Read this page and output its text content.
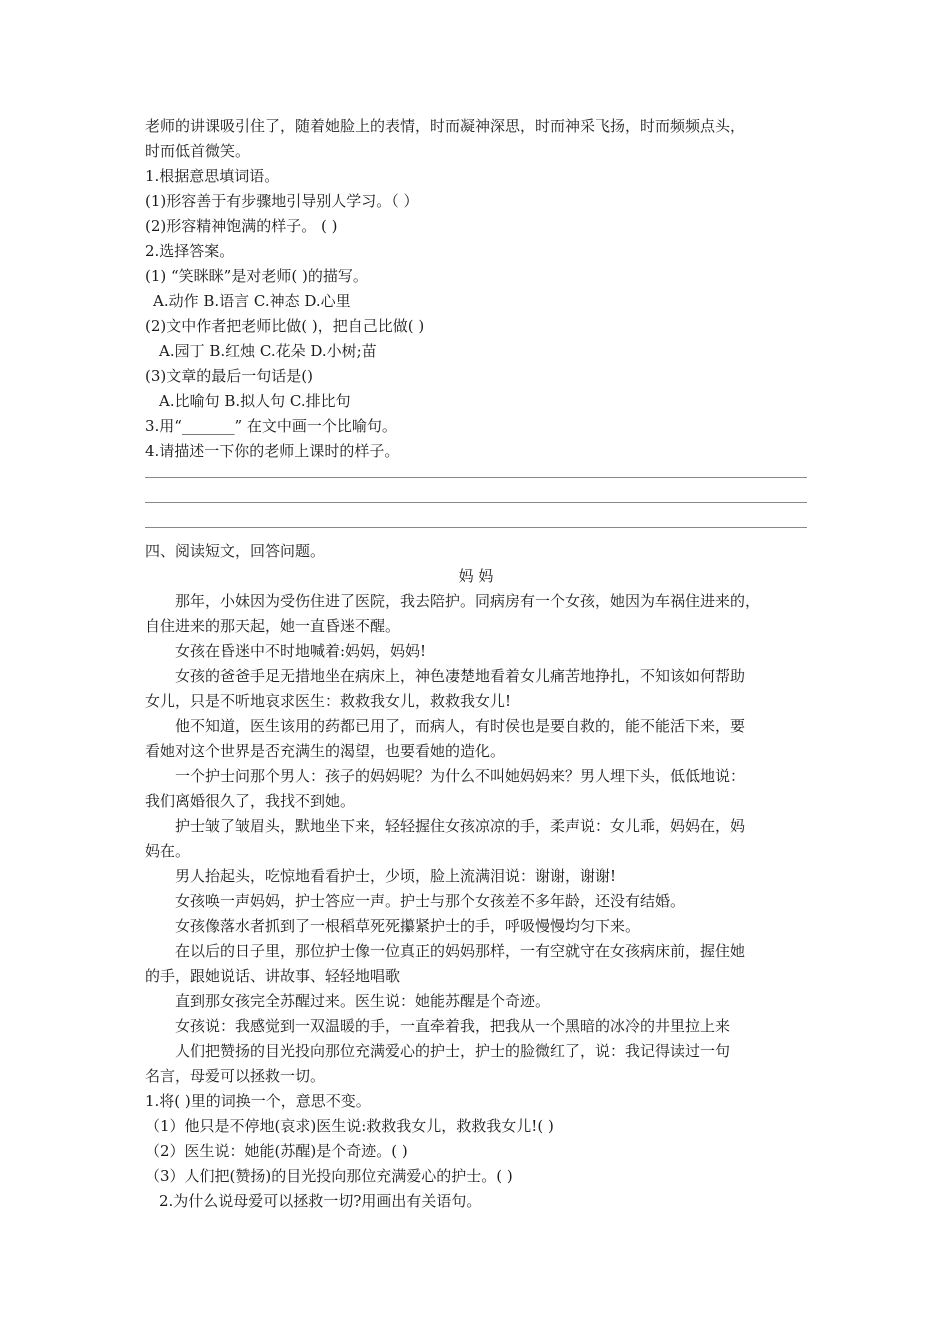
老师的讲课吸引住了，随着她脸上的表情，时而凝神深思，时而神采飞扬，时而频频点头，
时而低首微笑。
1.根据意思填词语。
(1)形容善于有步骤地引导别人学习。（ ）
(2)形容精神饱满的样子。 ( )
2.选择答案。
(1) “笑眯眯”是对老师( )的描写。
A.动作 B.语言 C.神态 D.心里
(2)文中作者把老师比做( )，把自己比做( )
A.园丁 B.红烛 C.花朵 D.小树;苗
(3)文章的最后一句话是()
A.比喻句 B.拟人句 C.排比句
3.用“_______” 在文中画一个比喻句。
4.请描述一下你的老师上课时的样子。
四、阅读短文，回答问题。
妈 妈
那年，小妹因为受伤住进了医院，我去陪护。同病房有一个女孩，她因为车祸住进来的，
自住进来的那天起，她一直昏迷不醒。
女孩在昏迷中不时地喊着:妈妈，妈妈!
女孩的爸爸手足无措地坐在病床上，神色凄楚地看着女儿痛苦地挣扎，不知该如何帮助
女儿，只是不听地哀求医生：救救我女儿，救救我女儿!
他不知道，医生该用的药都已用了，而病人，有时侯也是要自救的，能不能活下来，要
看她对这个世界是否充满生的渴望，也要看她的造化。
一个护士问那个男人：孩子的妈妈呢？为什么不叫她妈妈来？男人埋下头，低低地说：
我们离婚很久了，我找不到她。
护士皱了皱眉头，默地坐下来，轻轻握住女孩凉凉的手，柔声说：女儿乖，妈妈在，妈
妈在。
男人抬起头，吃惊地看看护士，少顷，脸上流满泪说：谢谢，谢谢!
女孩唤一声妈妈，护士答应一声。护士与那个女孩差不多年龄，还没有结婚。
女孩像落水者抓到了一根稻草死死攥紧护士的手，呼吸慢慢均匀下来。
在以后的日子里，那位护士像一位真正的妈妈那样，一有空就守在女孩病床前，握住她
的手，跟她说话、讲故事、轻轻地唱歌
直到那女孩完全苏醒过来。医生说：她能苏醒是个奇迹。
女孩说：我感觉到一双温暖的手，一直牵着我，把我从一个黑暗的冰冷的井里拉上来
人们把赞扬的目光投向那位充满爱心的护士，护士的脸微红了，说：我记得读过一句
名言，母爱可以拯救一切。
1.将( )里的词换一个，意思不变。
（1）他只是不停地(哀求)医生说:救救我女儿，救救我女儿!( )
（2）医生说：她能(苏醒)是个奇迹。( )
（3）人们把(赞扬)的目光投向那位充满爱心的护士。( )
2.为什么说母爱可以拯救一切?用画出有关语句。
